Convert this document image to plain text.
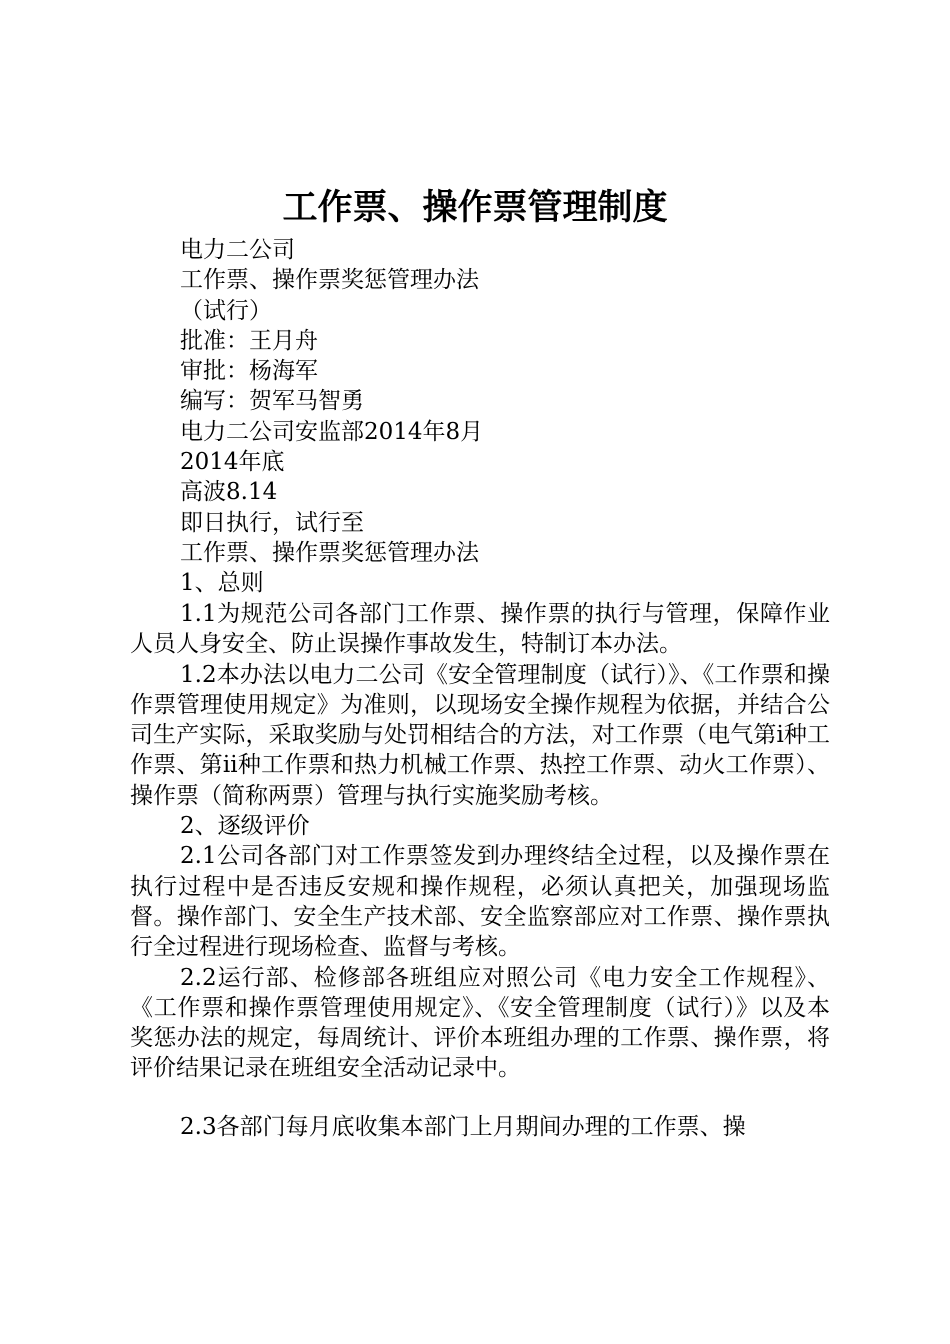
工作票、操作票管理制度
电力二公司
工作票、操作票奖惩管理办法
（试行）
批准：王月舟
审批：杨海军
编写：贺军马智勇
电力二公司安监部2014年8月
2014年底
高波8.14
即日执行，试行至
工作票、操作票奖惩管理办法
1、总则

1.1为规范公司各部门工作票、操作票的执行与管理，保障作业人员人身安全、防止误操作事故发生，特制订本办法。

1.2本办法以电力二公司《安全管理制度（试行）》、《工作票和操作票管理使用规定》为准则，以现场安全操作规程为依据，并结合公司生产实际，采取奖励与处罚相结合的方法，对工作票（电气第i种工作票、第ii种工作票和热力机械工作票、热控工作票、动火工作票）、操作票（简称两票）管理与执行实施奖励考核。

2、逐级评价

2.1公司各部门对工作票签发到办理终结全过程，以及操作票在执行过程中是否违反安规和操作规程，必须认真把关，加强现场监督。操作部门、安全生产技术部、安全监察部应对工作票、操作票执行全过程进行现场检查、监督与考核。

2.2运行部、检修部各班组应对照公司《电力安全工作规程》、《工作票和操作票管理使用规定》、《安全管理制度（试行）》以及本奖惩办法的规定，每周统计、评价本班组办理的工作票、操作票，将评价结果记录在班组安全活动记录中。

2.3各部门每月底收集本部门上月期间办理的工作票、操
